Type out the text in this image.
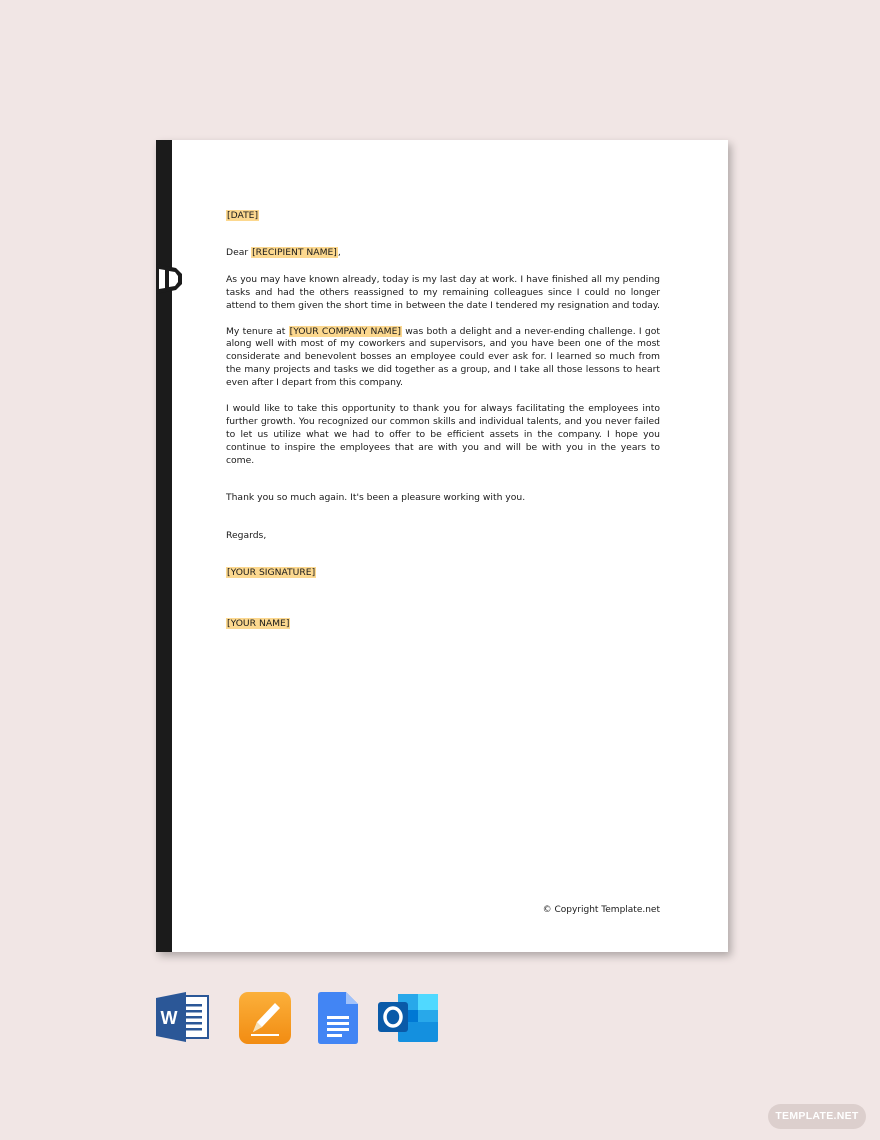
[DATE]

Dear [RECIPIENT NAME],

As you may have known already, today is my last day at work. I have finished all my pending tasks and had the others reassigned to my remaining colleagues since I could no longer attend to them given the short time in between the date I tendered my resignation and today.

My tenure at [YOUR COMPANY NAME] was both a delight and a never-ending challenge. I got along well with most of my coworkers and supervisors, and you have been one of the most considerate and benevolent bosses an employee could ever ask for. I learned so much from the many projects and tasks we did together as a group, and I take all those lessons to heart even after I depart from this company.

I would like to take this opportunity to thank you for always facilitating the employees into further growth. You recognized our common skills and individual talents, and you never failed to let us utilize what we had to offer to be efficient assets in the company. I hope you continue to inspire the employees that are with you and will be with you in the years to come.

Thank you so much again. It's been a pleasure working with you.

Regards,

[YOUR SIGNATURE]

[YOUR NAME]

© Copyright Template.net
W
TEMPLATE.NET
